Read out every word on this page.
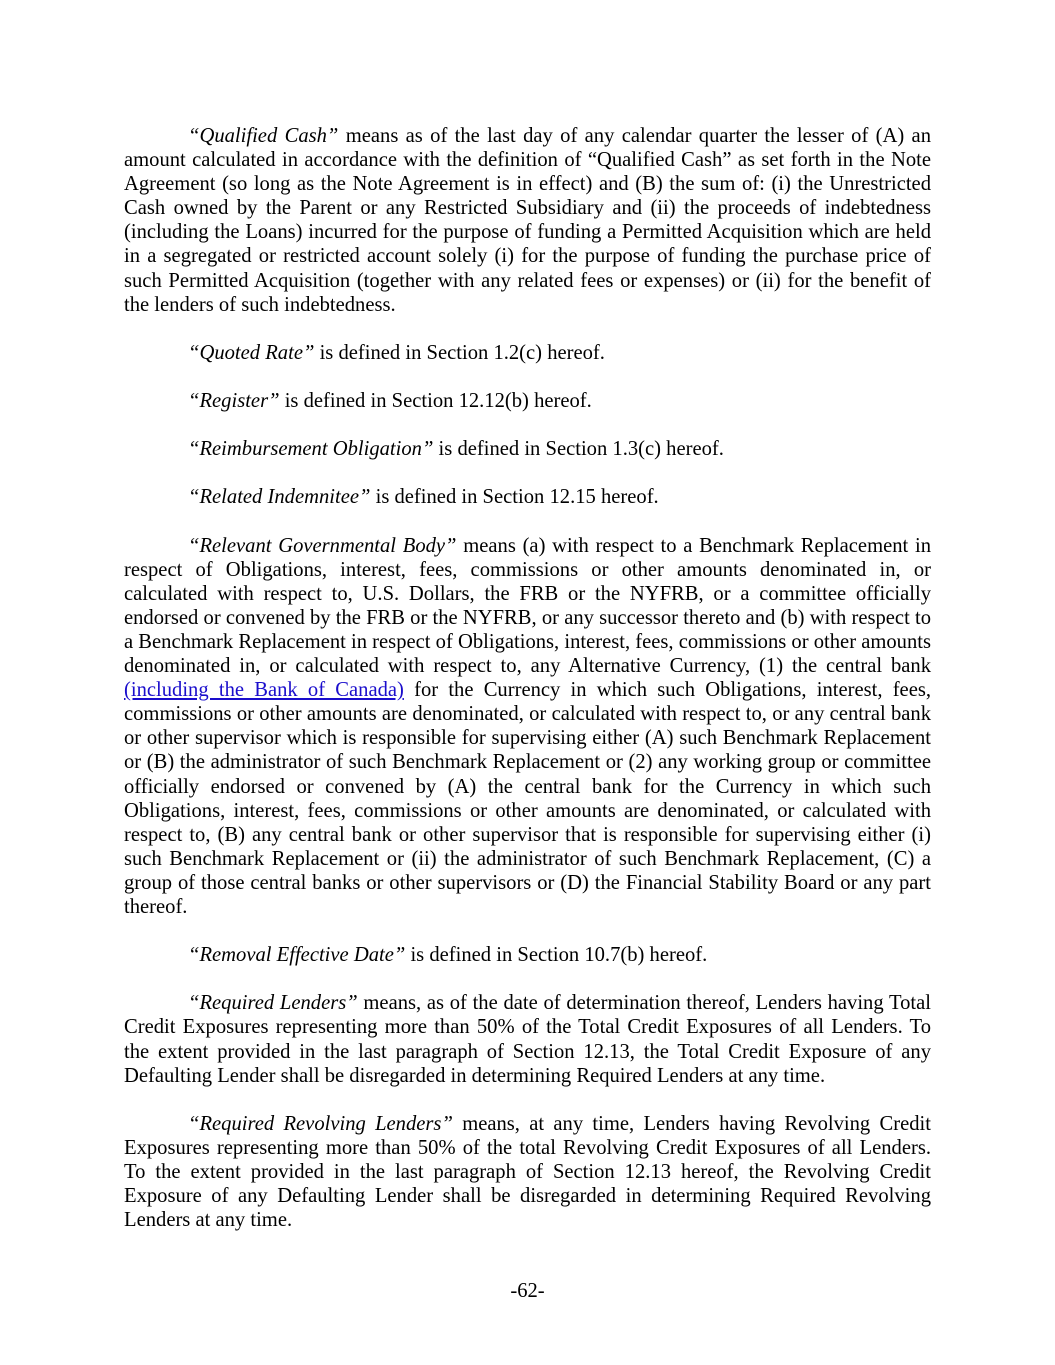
“Qualified Cash” means as of the last day of any calendar quarter the lesser of (A) an amount calculated in accordance with the definition of “Qualified Cash” as set forth in the Note Agreement (so long as the Note Agreement is in effect) and (B) the sum of: (i) the Unrestricted Cash owned by the Parent or any Restricted Subsidiary and (ii) the proceeds of indebtedness (including the Loans) incurred for the purpose of funding a Permitted Acquisition which are held in a segregated or restricted account solely (i) for the purpose of funding the purchase price of such Permitted Acquisition (together with any related fees or expenses) or (ii) for the benefit of the lenders of such indebtedness.

“Quoted Rate” is defined in Section 1.2(c) hereof.

“Register” is defined in Section 12.12(b) hereof.

“Reimbursement Obligation” is defined in Section 1.3(c) hereof.

“Related Indemnitee” is defined in Section 12.15 hereof.

“Relevant Governmental Body” means (a) with respect to a Benchmark Replacement in respect of Obligations, interest, fees, commissions or other amounts denominated in, or calculated with respect to, U.S. Dollars, the FRB or the NYFRB, or a committee officially endorsed or convened by the FRB or the NYFRB, or any successor thereto and (b) with respect to a Benchmark Replacement in respect of Obligations, interest, fees, commissions or other amounts denominated in, or calculated with respect to, any Alternative Currency, (1) the central bank (including the Bank of Canada) for the Currency in which such Obligations, interest, fees, commissions or other amounts are denominated, or calculated with respect to, or any central bank or other supervisor which is responsible for supervising either (A) such Benchmark Replacement or (B) the administrator of such Benchmark Replacement or (2) any working group or committee officially endorsed or convened by (A) the central bank for the Currency in which such Obligations, interest, fees, commissions or other amounts are denominated, or calculated with respect to, (B) any central bank or other supervisor that is responsible for supervising either (i) such Benchmark Replacement or (ii) the administrator of such Benchmark Replacement, (C) a group of those central banks or other supervisors or (D) the Financial Stability Board or any part thereof.

“Removal Effective Date” is defined in Section 10.7(b) hereof.

“Required Lenders” means, as of the date of determination thereof, Lenders having Total Credit Exposures representing more than 50% of the Total Credit Exposures of all Lenders. To the extent provided in the last paragraph of Section 12.13, the Total Credit Exposure of any Defaulting Lender shall be disregarded in determining Required Lenders at any time.

“Required Revolving Lenders” means, at any time, Lenders having Revolving Credit Exposures representing more than 50% of the total Revolving Credit Exposures of all Lenders. To the extent provided in the last paragraph of Section 12.13 hereof, the Revolving Credit Exposure of any Defaulting Lender shall be disregarded in determining Required Revolving Lenders at any time.

-62-
